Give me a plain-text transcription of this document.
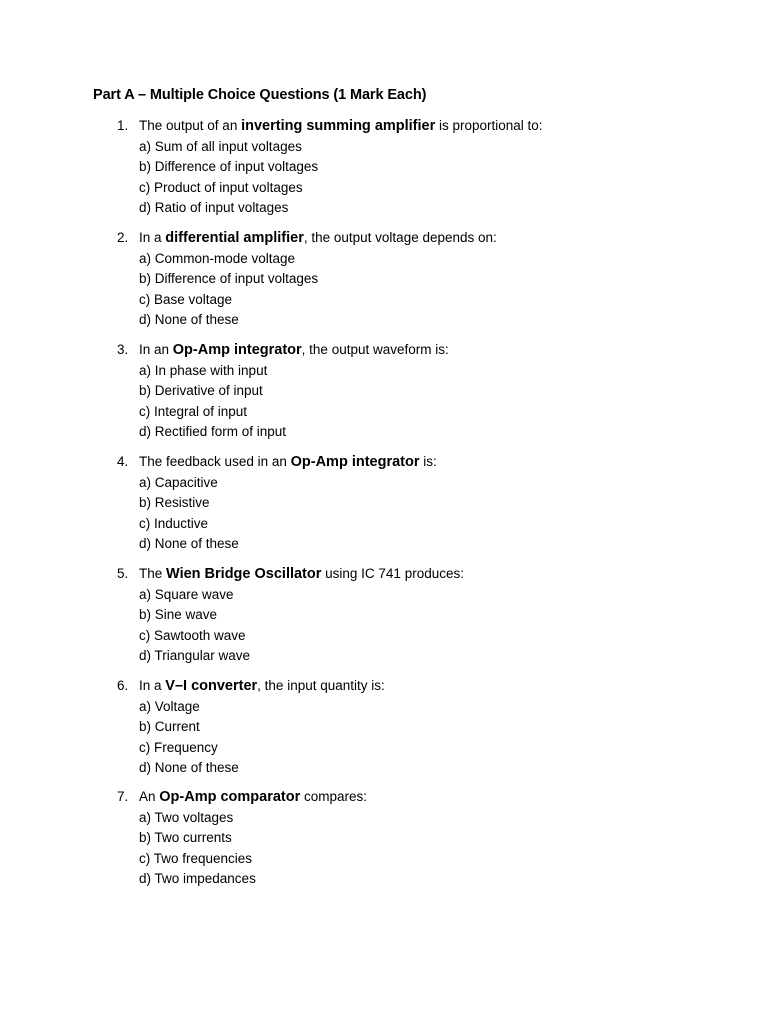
Part A – Multiple Choice Questions (1 Mark Each)
1. The output of an inverting summing amplifier is proportional to:
a) Sum of all input voltages
b) Difference of input voltages
c) Product of input voltages
d) Ratio of input voltages
2. In a differential amplifier, the output voltage depends on:
a) Common-mode voltage
b) Difference of input voltages
c) Base voltage
d) None of these
3. In an Op-Amp integrator, the output waveform is:
a) In phase with input
b) Derivative of input
c) Integral of input
d) Rectified form of input
4. The feedback used in an Op-Amp integrator is:
a) Capacitive
b) Resistive
c) Inductive
d) None of these
5. The Wien Bridge Oscillator using IC 741 produces:
a) Square wave
b) Sine wave
c) Sawtooth wave
d) Triangular wave
6. In a V–I converter, the input quantity is:
a) Voltage
b) Current
c) Frequency
d) None of these
7. An Op-Amp comparator compares:
a) Two voltages
b) Two currents
c) Two frequencies
d) Two impedances
